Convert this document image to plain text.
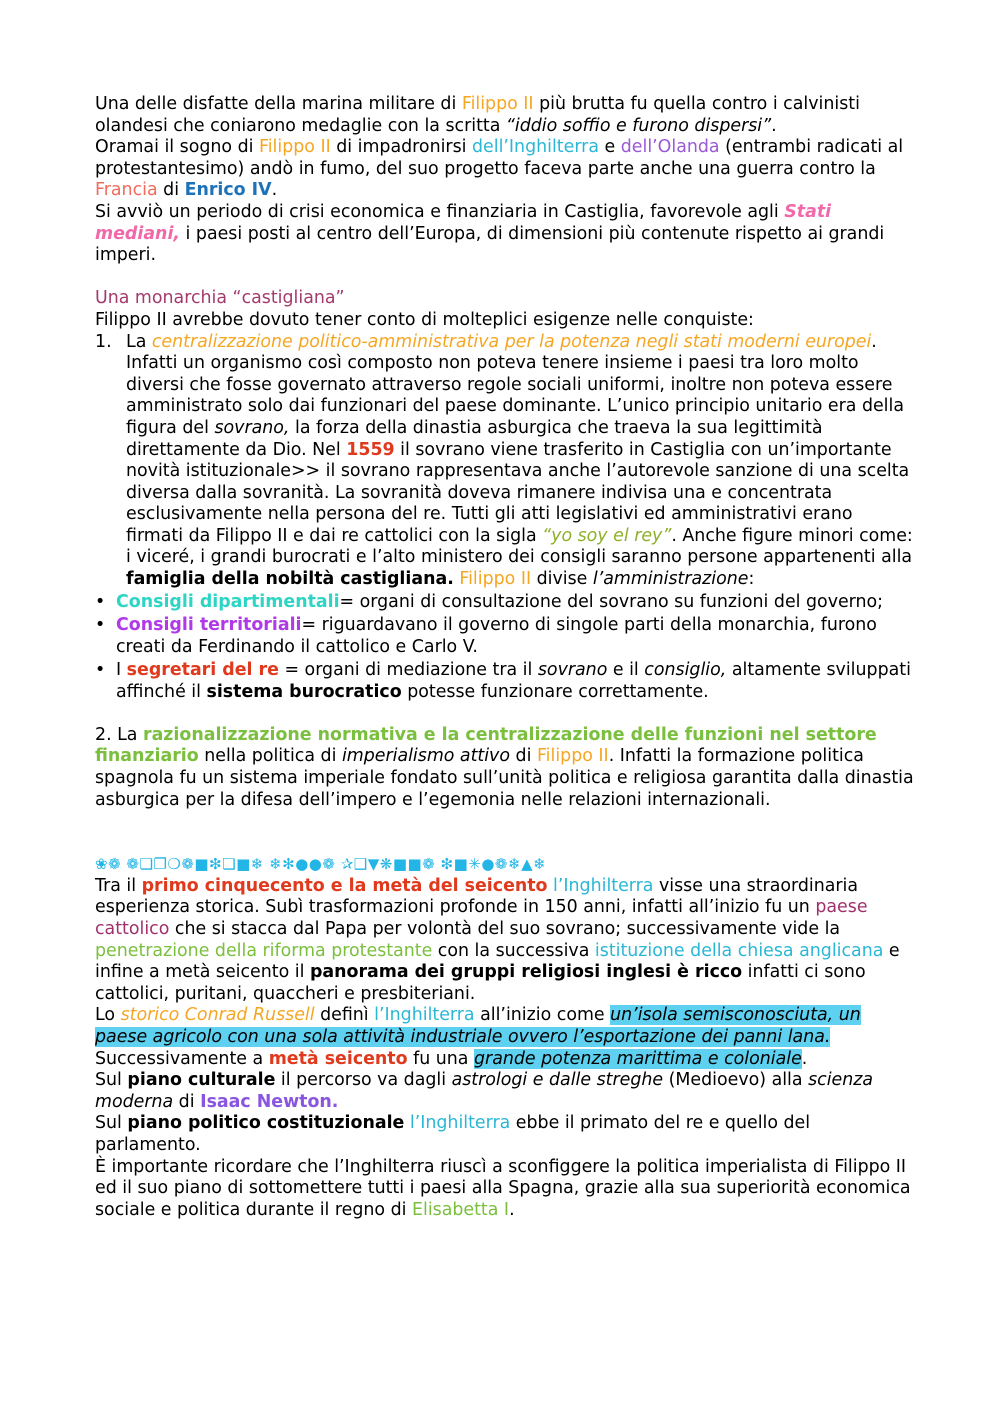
Una delle disfatte della marina militare di Filippo II più brutta fu quella contro i calvinisti olandesi che coniarono medaglie con la scritta “iddio soffio e furono dispersi”.

Oramai il sogno di Filippo II di impadronirsi dell’Inghilterra e dell’Olanda (entrambi radicati al protestantesimo) andò in fumo, del suo progetto faceva parte anche una guerra contro la Francia di Enrico IV.

Si avviò un periodo di crisi economica e finanziaria in Castiglia, favorevole agli Stati mediani, i paesi posti al centro dell’Europa, di dimensioni più contenute rispetto ai grandi imperi.

Una monarchia “castigliana”

Filippo II avrebbe dovuto tener conto di molteplici esigenze nelle conquiste:

1. La centralizzazione politico-amministrativa per la potenza negli stati moderni europei. Infatti un organismo così composto non poteva tenere insieme i paesi tra loro molto diversi che fosse governato attraverso regole sociali uniformi, inoltre non poteva essere amministrato solo dai funzionari del paese dominante. L’unico principio unitario era della figura del sovrano, la forza della dinastia asburgica che traeva la sua legittimità direttamente da Dio. Nel 1559 il sovrano viene trasferito in Castiglia con un’importante novità istituzionale>> il sovrano rappresentava anche l’autorevole sanzione di una scelta diversa dalla sovranità. La sovranità doveva rimanere indivisa una e concentrata esclusivamente nella persona del re. Tutti gli atti legislativi ed amministrativi erano firmati da Filippo II e dai re cattolici con la sigla “yo soy el rey”. Anche figure minori come: i viceré, i grandi burocrati e l’alto ministero dei consigli saranno persone appartenenti alla famiglia della nobiltà castigliana. Filippo II divise l’amministrazione:
• Consigli dipartimentali= organi di consultazione del sovrano su funzioni del governo;
• Consigli territoriali= riguardavano il governo di singole parti della monarchia, furono creati da Ferdinando il cattolico e Carlo V.
• I segretari del re = organi di mediazione tra il sovrano e il consiglio, altamente sviluppati affinché il sistema burocratico potesse funzionare correttamente.

2. La razionalizzazione normativa e la centralizzazione delle funzioni nel settore finanziario nella politica di imperialismo attivo di Filippo II. Infatti la formazione politica spagnola fu un sistema imperiale fondato sull’unità politica e religiosa garantita dalla dinastia asburgica per la difesa dell’impero e l’egemonia nelle relazioni internazionali.

❀❁ ❁❏❐❍❁■❇❏■❄ ❄✻●●❁ ✰❑▼❋■■❁ ❇■✳●❁❄▲❄

Tra il primo cinquecento e la metà del seicento l’Inghilterra visse una straordinaria esperienza storica. Subì trasformazioni profonde in 150 anni, infatti all’inizio fu un paese cattolico che si stacca dal Papa per volontà del suo sovrano; successivamente vide la penetrazione della riforma protestante con la successiva istituzione della chiesa anglicana e infine a metà seicento il panorama dei gruppi religiosi inglesi è ricco infatti ci sono cattolici, puritani, quaccheri e presbiteriani.

Lo storico Conrad Russell definì l’Inghilterra all’inizio come un’isola semisconosciuta, un paese agricolo con una sola attività industriale ovvero l’esportazione dei panni lana.

Successivamente a metà seicento fu una grande potenza marittima e coloniale.

Sul piano culturale il percorso va dagli astrologi e dalle streghe (Medioevo) alla scienza moderna di Isaac Newton.

Sul piano politico costituzionale l’Inghilterra ebbe il primato del re e quello del parlamento.

È importante ricordare che l’Inghilterra riuscì a sconfiggere la politica imperialista di Filippo II ed il suo piano di sottomettere tutti i paesi alla Spagna, grazie alla sua superiorità economica sociale e politica durante il regno di Elisabetta I.
